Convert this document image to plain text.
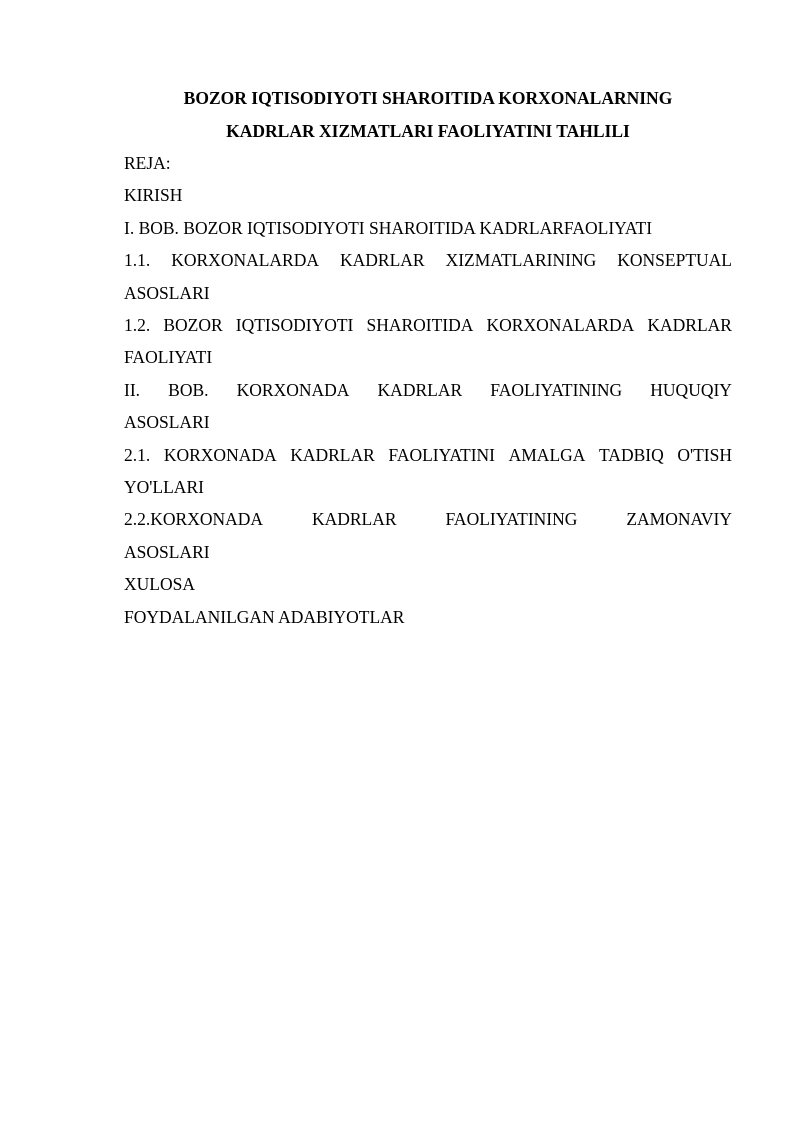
BOZOR IQTISODIYOTI SHAROITIDA KORXONALARNING
KADRLAR XIZMATLARI FAOLIYATINI TAHLILI
REJA:
KIRISH
I. BOB. BOZOR IQTISODIYOTI SHAROITIDA KADRLARFAOLIYATI
1.1. KORXONALARDA KADRLAR XIZMATLARINING KONSEPTUAL
ASOSLARI
1.2. BOZOR IQTISODIYOTI SHAROITIDA KORXONALARDA KADRLAR
FAOLIYATI
II. BOB. KORXONADA KADRLAR FAOLIYATINING HUQUQIY
ASOSLARI
2.1. KORXONADA KADRLAR FAOLIYATINI AMALGA TADBIQ O'TISH
YO'LLARI
2.2.KORXONADA	KADRLAR	FAOLIYATINING	ZAMONAVIY
ASOSLARI
XULOSA
FOYDALANILGAN ADABIYOTLAR
